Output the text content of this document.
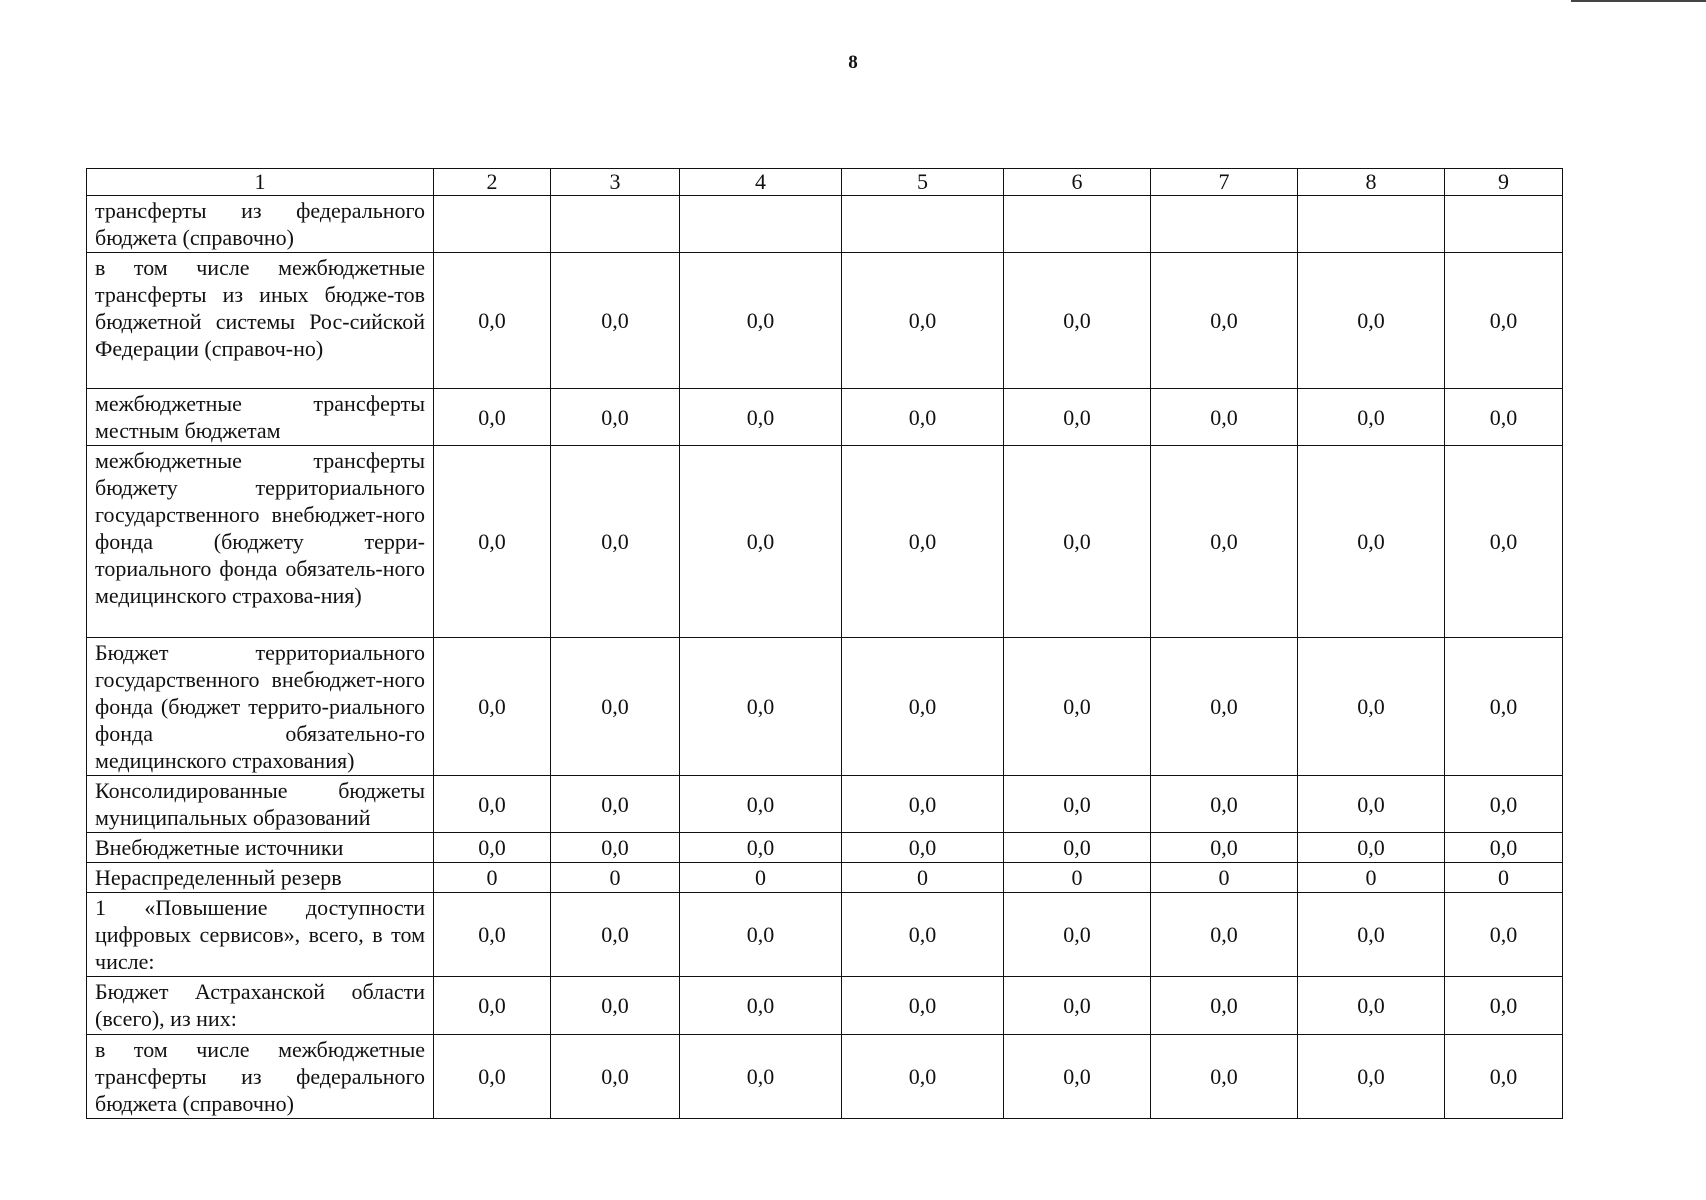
8
1	2	3	4	5	6	7	8	9
трансферты из федерального бюджета (справочно)								
в том числе межбюджетные трансферты из иных бюдже-тов бюджетной системы Рос-сийской Федерации (справоч-но)	0,0	0,0	0,0	0,0	0,0	0,0	0,0	0,0
межбюджетные трансферты местным бюджетам	0,0	0,0	0,0	0,0	0,0	0,0	0,0	0,0
межбюджетные трансферты бюджету территориального государственного внебюджет-ного фонда (бюджету терри-ториального фонда обязатель-ного медицинского страхова-ния)	0,0	0,0	0,0	0,0	0,0	0,0	0,0	0,0
Бюджет территориального государственного внебюджет-ного фонда (бюджет террито-риального фонда обязательно-го медицинского страхования)	0,0	0,0	0,0	0,0	0,0	0,0	0,0	0,0
Консолидированные бюджеты муниципальных образований	0,0	0,0	0,0	0,0	0,0	0,0	0,0	0,0
Внебюджетные источники	0,0	0,0	0,0	0,0	0,0	0,0	0,0	0,0
Нераспределенный резерв	0	0	0	0	0	0	0	0
1 «Повышение доступности цифровых сервисов», всего, в том числе:	0,0	0,0	0,0	0,0	0,0	0,0	0,0	0,0
Бюджет Астраханской области (всего), из них:	0,0	0,0	0,0	0,0	0,0	0,0	0,0	0,0
в том числе межбюджетные трансферты из федерального бюджета (справочно)	0,0	0,0	0,0	0,0	0,0	0,0	0,0	0,0
